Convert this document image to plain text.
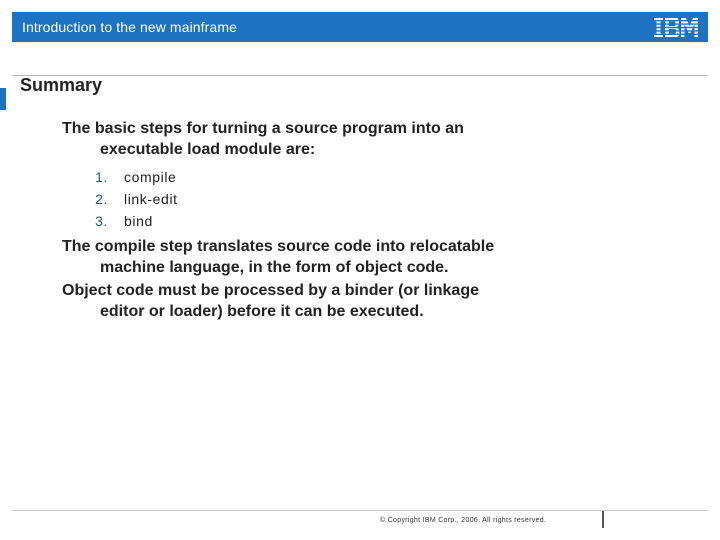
Introduction to the new mainframe
Summary
The basic steps for turning a source program into an
executable load module are:
1. compile
2. link-edit
3. bind
The compile step translates source code into relocatable
machine language, in the form of object code.
Object code must be processed by a binder (or linkage
editor or loader) before it can be executed.
© Copyright IBM Corp., 2006. All rights reserved.
